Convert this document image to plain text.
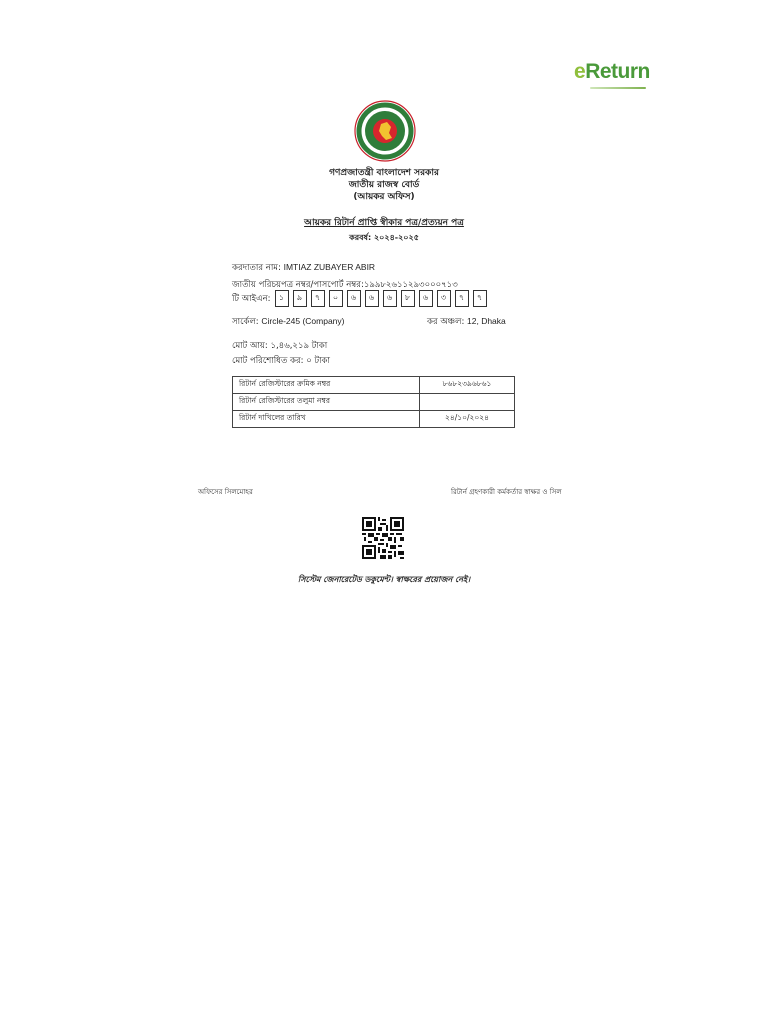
eReturn
গণপ্রজাতন্ত্রী বাংলাদেশ সরকার
জাতীয় রাজস্ব বোর্ড
(আয়কর অফিস)
আয়কর রিটার্ন প্রাপ্তি স্বীকার পত্র/প্রত্যয়ন পত্র
করবর্ষ: ২০২৪-২০২৫
করদাতার নাম: IMTIAZ ZUBAYER ABIR
জাতীয় পরিচয়পত্র নম্বর/পাসপোর্ট নম্বর:১৯৯৮২৬১১২৯৩০০০৭১৩
টি আইএন:	১	৯	৭	০	৬	৬	৬	৮	৬	৩	৭	৭
সার্কেল: Circle-245 (Company)	কর অঞ্চল: 12, Dhaka
মোট আয়: ১,৪৬,২১৯ টাকা
মোট পরিশোধিত কর: ০ টাকা
রিটার্ন রেজিস্টারের ক্রমিক নম্বর	৮৬৮২৩৯৬৮৬১
রিটার্ন রেজিস্টারের তলুমা নম্বর	
রিটার্ন দাখিলের তারিখ	২৪/১০/২০২৪
অফিসের সিলমোহর	রিটার্ন গ্রহণকারী কর্মকর্তার স্বাক্ষর ও সিল
সিস্টেম জেনারেটেড ডকুমেন্ট। স্বাক্ষরের প্রয়োজন নেই।
